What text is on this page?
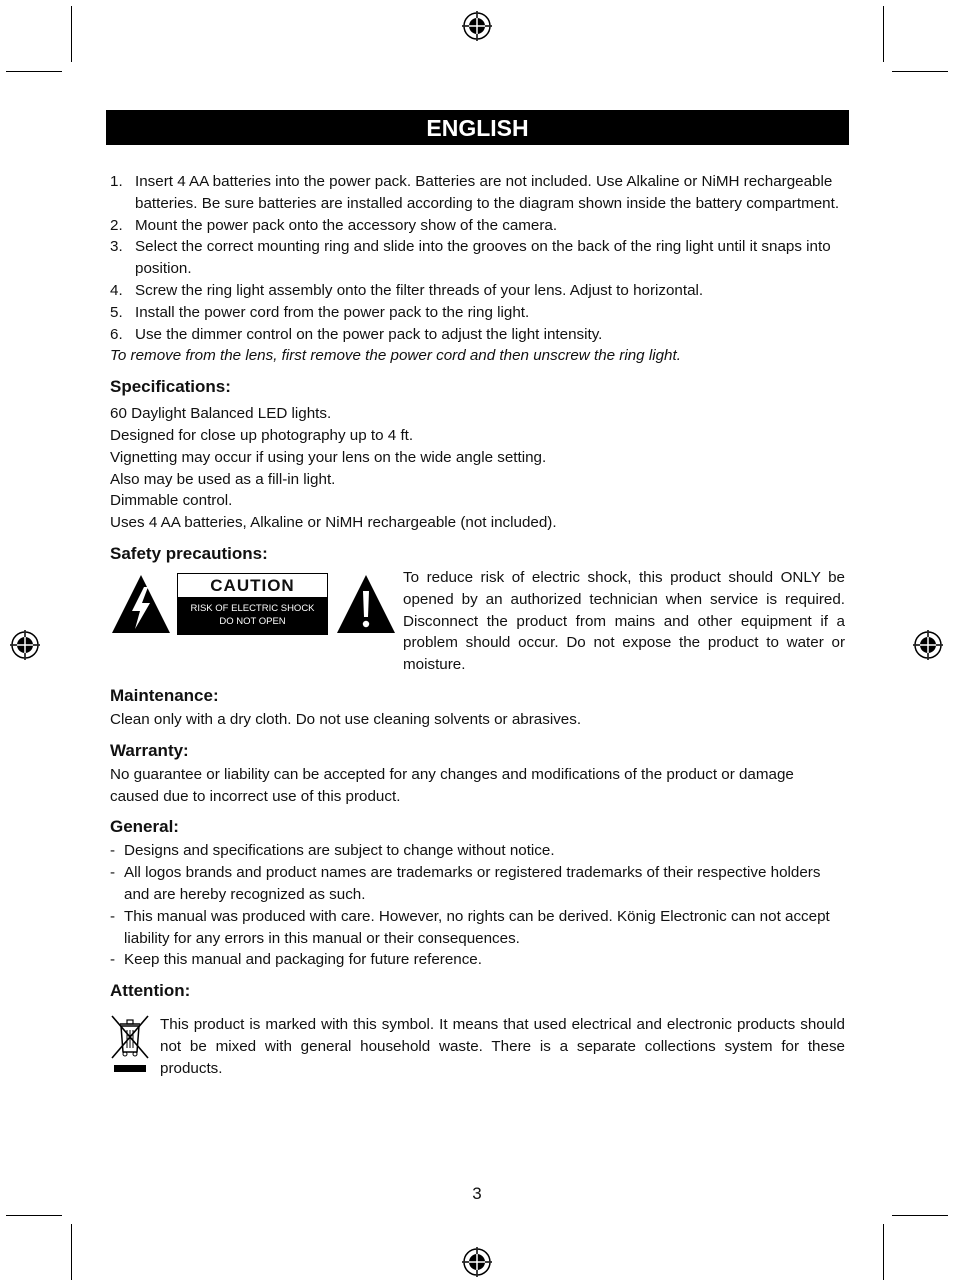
ENGLISH
1. Insert 4 AA batteries into the power pack. Batteries are not included. Use Alkaline or NiMH rechargeable batteries. Be sure batteries are installed according to the diagram shown inside the battery compartment.
2. Mount the power pack onto the accessory show of the camera.
3. Select the correct mounting ring and slide into the grooves on the back of the ring light until it snaps into position.
4. Screw the ring light assembly onto the filter threads of your lens. Adjust to horizontal.
5. Install the power cord from the power pack to the ring light.
6. Use the dimmer control on the power pack to adjust the light intensity.
To remove from the lens, first remove the power cord and then unscrew the ring light.
Specifications:

60 Daylight Balanced LED lights.

Designed for close up photography up to 4 ft.

Vignetting may occur if using your lens on the wide angle setting.

Also may be used as a fill-in light.

Dimmable control.

Uses 4 AA batteries, Alkaline or NiMH rechargeable (not included).

Safety precautions:
CAUTION
RISK OF ELECTRIC SHOCK
DO NOT OPEN
To reduce risk of electric shock, this product should ONLY be opened by an authorized technician when service is required. Disconnect the product from mains and other equipment if a problem should occur. Do not expose the product to water or moisture.
Maintenance:
Clean only with a dry cloth. Do not use cleaning solvents or abrasives.
Warranty:
No guarantee or liability can be accepted for any changes and modifications of the product or damage caused due to incorrect use of this product.
General:
- Designs and specifications are subject to change without notice.
- All logos brands and product names are trademarks or registered trademarks of their respective holders and are hereby recognized as such.
- This manual was produced with care. However, no rights can be derived. König Electronic can not accept liability for any errors in this manual or their consequences.
- Keep this manual and packaging for future reference.
Attention:
This product is marked with this symbol. It means that used electrical and electronic products should not be mixed with general household waste. There is a separate collections system for these products.
3
